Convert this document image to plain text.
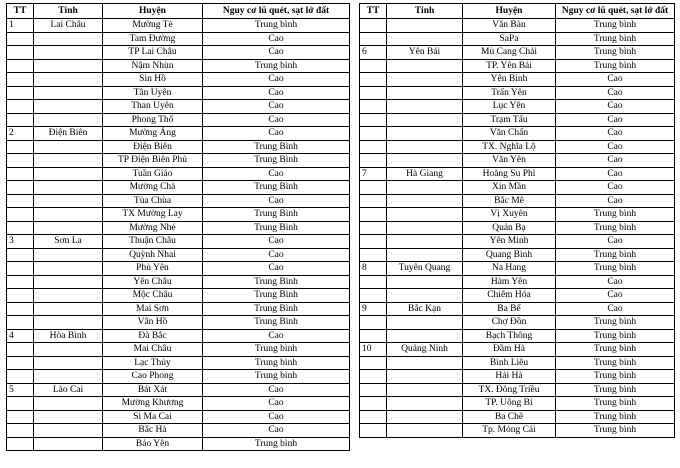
TT	Tỉnh	Huyện	Nguy cơ lũ quét, sạt lở đất
1	Lai Châu	Mường Tè	Trung bình
		Tam Đường	Cao
		TP Lai Châu	Cao
		Nậm Nhùn	Trung bình
		Sìn Hồ	Cao
		Tân Uyên	Cao
		Than Uyên	Cao
		Phong Thổ	Cao
2	Điện Biên	Mường Ảng	Cao
		Điện Biên	Trung Bình
		TP Điện Biên Phủ	Trung Bình
		Tuần Giáo	Cao
		Mường Chà	Trung Bình
		Tủa Chùa	Cao
		TX Mường Lay	Trung Bình
		Mường Nhé	Trung Bình
3	Sơn La	Thuận Châu	Cao
		Quỳnh Nhai	Cao
		Phù Yên	Cao
		Yên Châu	Trung Bình
		Mộc Châu	Trung Bình
		Mai Sơn	Trung Bình
		Vân Hồ	Trung Bình
4	Hòa Bình	Đà Bắc	Cao
		Mai Châu	Trung bình
		Lạc Thủy	Trung bình
		Cao Phong	Trung bình
5	Lào Cai	Bát Xát	Cao
		Mường Khương	Cao
		Si Ma Cai	Cao
		Bắc Hà	Cao
		Bảo Yên	Trung bình
TT	Tỉnh	Huyện	Nguy cơ lũ quét, sạt lở đất
		Văn Bàn	Trung bình
		SaPa	Trung bình
6	Yên Bái	Mù Cang Chải	Trung bình
		TP. Yên Bái	Trung bình
		Yên Bình	Cao
		Trấn Yên	Cao
		Lục Yên	Cao
		Trạm Tấu	Cao
		Văn Chấn	Cao
		TX. Nghĩa Lộ	Cao
		Văn Yên	Cao
7	Hà Giang	Hoàng Su Phì	Cao
		Xín Mần	Cao
		Bắc Mê	Cao
		Vị Xuyên	Trung bình
		Quản Bạ	Trung bình
		Yên Minh	Cao
		Quang Bình	Trung bình
8	Tuyên Quang	Na Hang	Trung bình
		Hàm Yên	Cao
		Chiêm Hóa	Cao
9	Bắc Kạn	Ba Bể	Cao
		Chợ Đồn	Trung bình
		Bạch Thông	Trung bình
10	Quảng Ninh	Đầm Hà	Trung bình
		Bình Liêu	Trung bình
		Hải Hà	Trung bình
		TX. Đông Triều	Trung bình
		TP. Uông Bí	Trung bình
		Ba Chẽ	Trung bình
		Tp. Móng Cái	Trung bình
